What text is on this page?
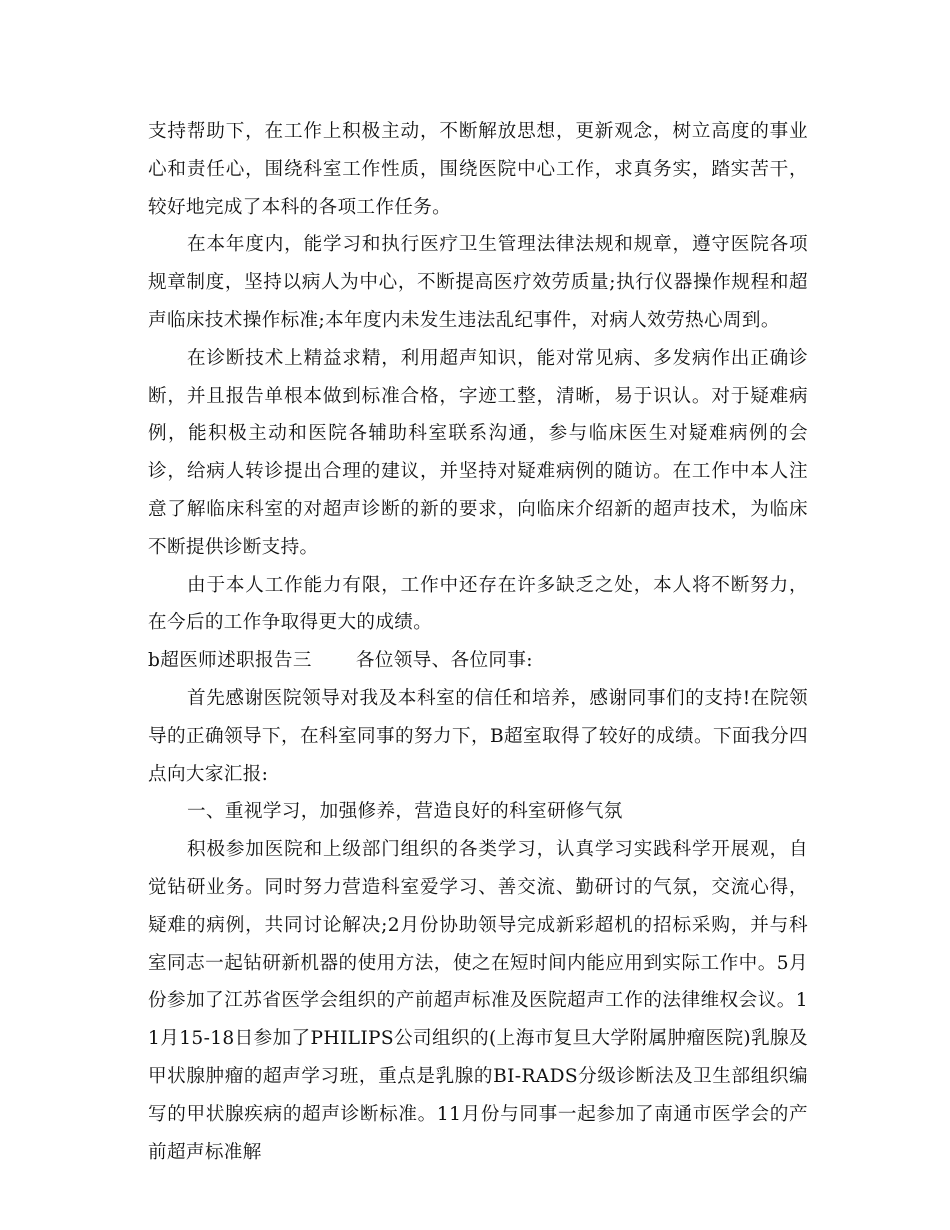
支持帮助下，在工作上积极主动，不断解放思想，更新观念，树立高度的事业心和责任心，围绕科室工作性质，围绕医院中心工作，求真务实，踏实苦干，较好地完成了本科的各项工作任务。

在本年度内，能学习和执行医疗卫生管理法律法规和规章，遵守医院各项规章制度，坚持以病人为中心，不断提高医疗效劳质量;执行仪器操作规程和超声临床技术操作标准;本年度内未发生违法乱纪事件，对病人效劳热心周到。

在诊断技术上精益求精，利用超声知识，能对常见病、多发病作出正确诊断，并且报告单根本做到标准合格，字迹工整，清晰，易于识认。对于疑难病例，能积极主动和医院各辅助科室联系沟通，参与临床医生对疑难病例的会诊，给病人转诊提出合理的建议，并坚持对疑难病例的随访。在工作中本人注意了解临床科室的对超声诊断的新的要求，向临床介绍新的超声技术，为临床不断提供诊断支持。

由于本人工作能力有限，工作中还存在许多缺乏之处，本人将不断努力，在今后的工作争取得更大的成绩。

b超医师述职报告三 各位领导、各位同事:

首先感谢医院领导对我及本科室的信任和培养，感谢同事们的支持!在院领导的正确领导下，在科室同事的努力下，B超室取得了较好的成绩。下面我分四点向大家汇报:

一、重视学习，加强修养，营造良好的科室研修气氛

积极参加医院和上级部门组织的各类学习，认真学习实践科学开展观，自觉钻研业务。同时努力营造科室爱学习、善交流、勤研讨的气氛，交流心得，疑难的病例，共同讨论解决;2月份协助领导完成新彩超机的招标采购，并与科室同志一起钻研新机器的使用方法，使之在短时间内能应用到实际工作中。5月份参加了江苏省医学会组织的产前超声标准及医院超声工作的法律维权会议。11月15-18日参加了PHILIPS公司组织的(上海市复旦大学附属肿瘤医院)乳腺及甲状腺肿瘤的超声学习班，重点是乳腺的BI-RADS分级诊断法及卫生部组织编写的甲状腺疾病的超声诊断标准。11月份与同事一起参加了南通市医学会的产前超声标准解
